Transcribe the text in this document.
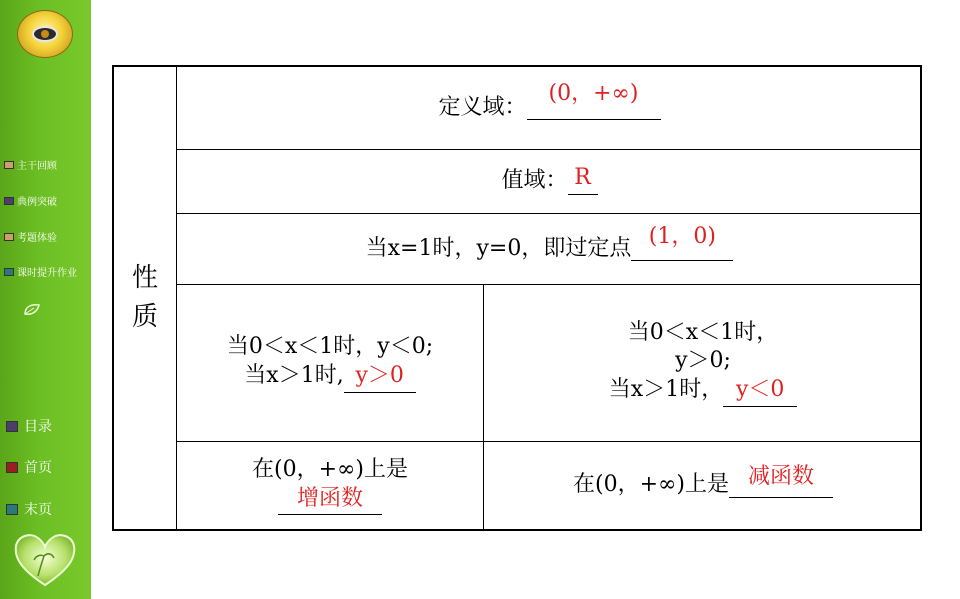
主干回顾
典例突破
考题体验
课时提升作业
目录
首页
末页
性
质
定义域：
(0，+∞)
值域： R
当x=1时，y=0，即过定点 (1，0)
当0＜x＜1时，y＜0;
当x＞1时, y＞0
当0＜x＜1时，
y＞0;
当x＞1时， y＜0
在(0，+∞)上是
增函数
在(0，+∞)上是 减函数
